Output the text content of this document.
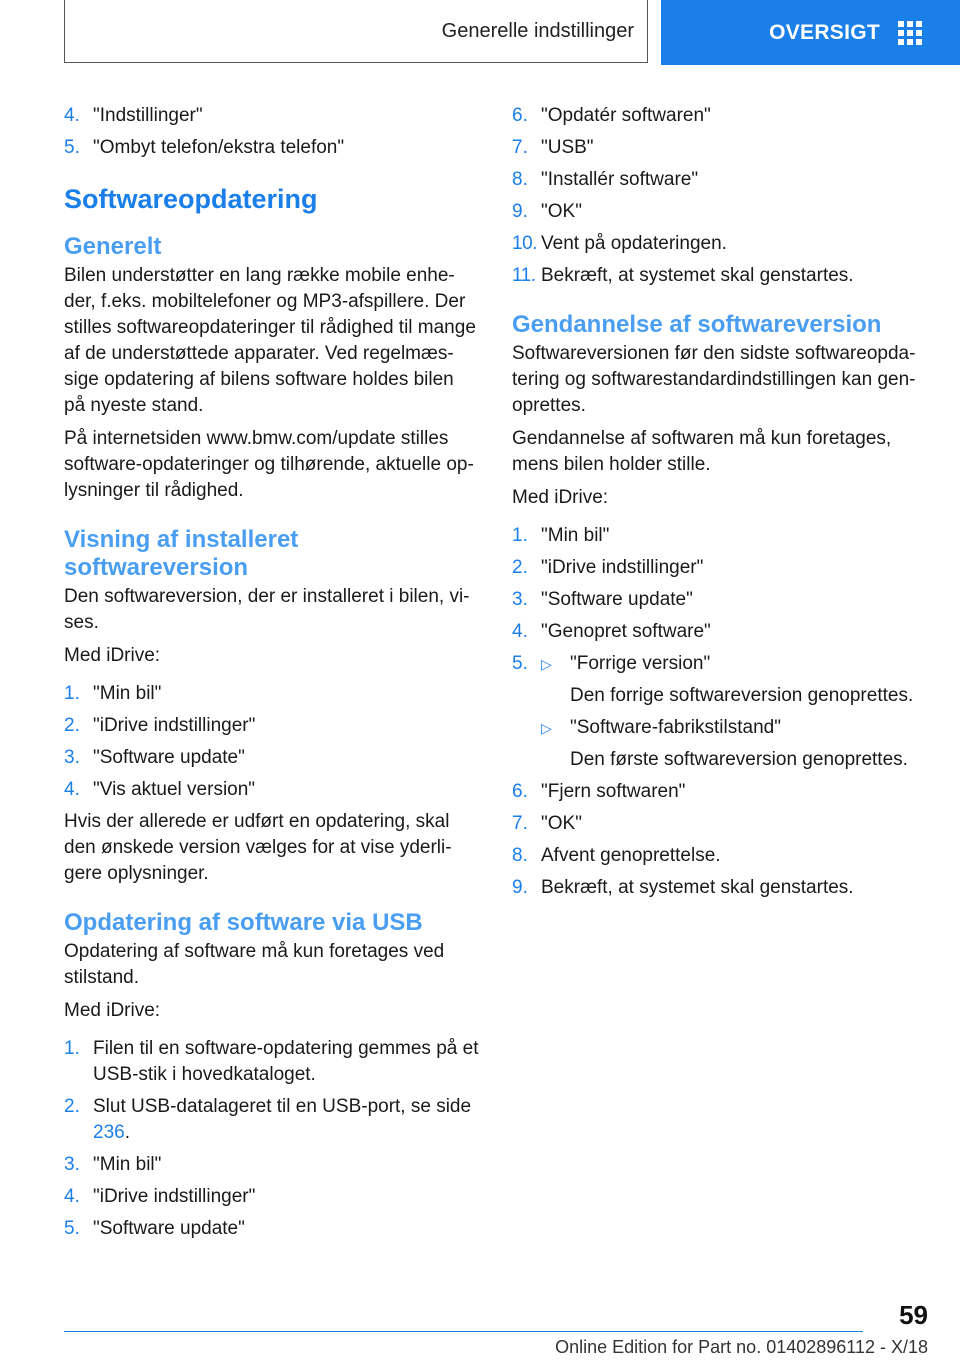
Generelle indstillinger	OVERSIGT
4. "Indstillinger"
5. "Ombyt telefon/ekstra telefon"
Softwareopdatering
Generelt

Bilen understøtter en lang række mobile enhe-der, f.eks. mobiltelefoner og MP3-afspillere. Der stilles softwareopdateringer til rådighed til mange af de understøttede apparater. Ved regelmæs-sige opdatering af bilens software holdes bilen på nyeste stand.

På internetsiden www.bmw.com/update stilles software-opdateringer og tilhørende, aktuelle op-lysninger til rådighed.

Visning af installeret
softwareversion

Den softwareversion, der er installeret i bilen, vi-ses.

Med iDrive:

1. "Min bil"
2. "iDrive indstillinger"
3. "Software update"
4. "Vis aktuel version"

Hvis der allerede er udført en opdatering, skal den ønskede version vælges for at vise yderli-gere oplysninger.

Opdatering af software via USB

Opdatering af software må kun foretages ved stilstand.

Med iDrive:

1. Filen til en software-opdatering gemmes på et USB-stik i hovedkataloget.
2. Slut USB-datalageret til en USB-port, se side 236.
3. "Min bil"
4. "iDrive indstillinger"
5. "Software update"
6. "Opdatér softwaren"
7. "USB"
8. "Installér software"
9. "OK"
10. Vent på opdateringen.
11. Bekræft, at systemet skal genstartes.
Gendannelse af softwareversion

Softwareversionen før den sidste softwareopda-tering og softwarestandardindstillingen kan gen-oprettes.

Gendannelse af softwaren må kun foretages, mens bilen holder stille.

Med iDrive:

1. "Min bil"
2. "iDrive indstillinger"
3. "Software update"
4. "Genopret software"
5. ▷ "Forrige version"
Den forrige softwareversion genoprettes.
▷ "Software-fabrikstilstand"
Den første softwareversion genoprettes.
6. "Fjern softwaren"
7. "OK"
8. Afvent genoprettelse.
9. Bekræft, at systemet skal genstartes.
59
Online Edition for Part no. 01402896112 - X/18
